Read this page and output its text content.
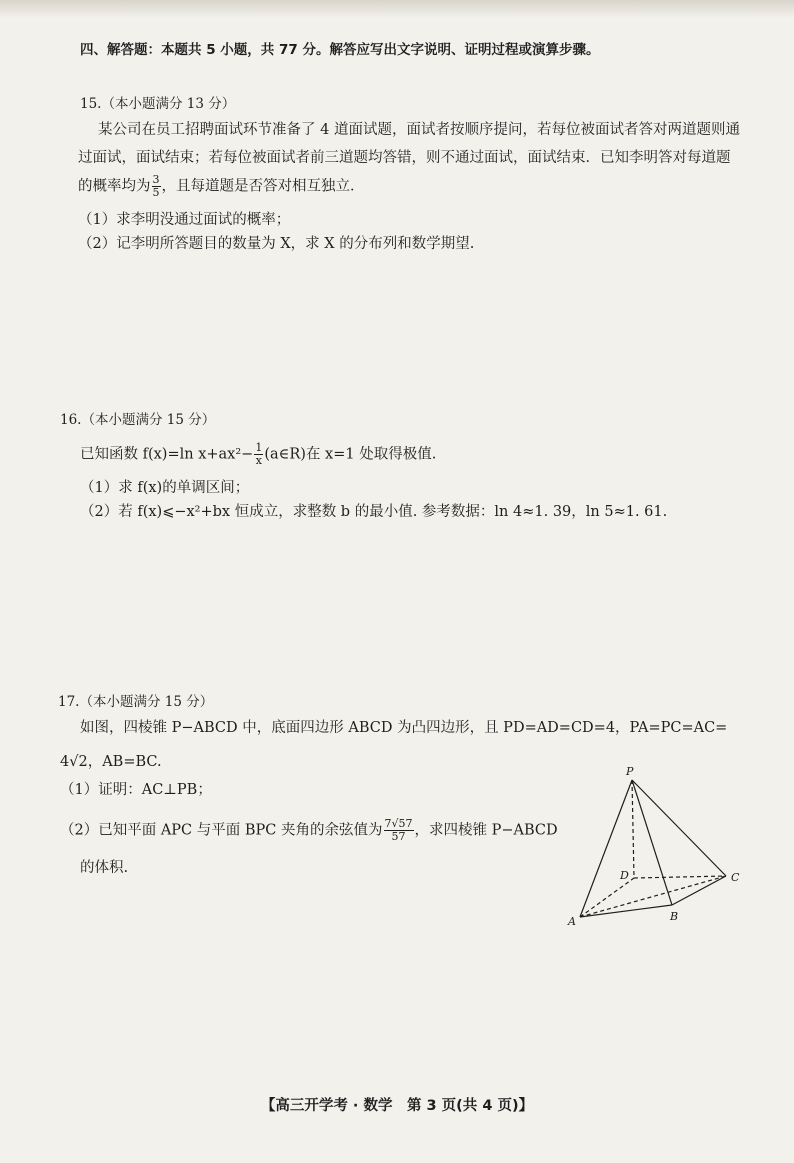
四、解答题：本题共 5 小题，共 77 分。解答应写出文字说明、证明过程或演算步骤。
15.（本小题满分 13 分）
某公司在员工招聘面试环节准备了 4 道面试题，面试者按顺序提问，若每位被面试者答对两道题则通
过面试，面试结束；若每位被面试者前三道题均答错，则不通过面试，面试结束．已知李明答对每道题
的概率均为 $\frac{3}{5}$ ，且每道题是否答对相互独立．
（1）求李明没通过面试的概率；
（2）记李明所答题目的数量为 X，求 X 的分布列和数学期望.
16.（本小题满分 15 分）
已知函数 f(x)=ln $x+ax^2- \frac{1}{x}$ (a∈R)在 x=1 处取得极值.
（1）求 f(x)的单调区间；
（2）若 f(x)⩽−x²+bx 恒成立，求整数 b 的最小值. 参考数据：ln 4≈1. 39，ln 5≈1. 61.
17.（本小题满分 15 分）
如图，四棱锥 P−ABCD 中，底面四边形 ABCD 为凸四边形，且 PD=AD=CD=4，PA=PC=AC=
4√2，AB=BC.
（1）证明：AC⊥PB；
（2）已知平面 APC 与平面 BPC 夹角的余弦值为 $\frac{7√57}{57}$ ，求四棱锥 P−ABCD
的体积.
P
A	B
C
D
【高三开学考 · 数学　第 3 页(共 4 页)】
